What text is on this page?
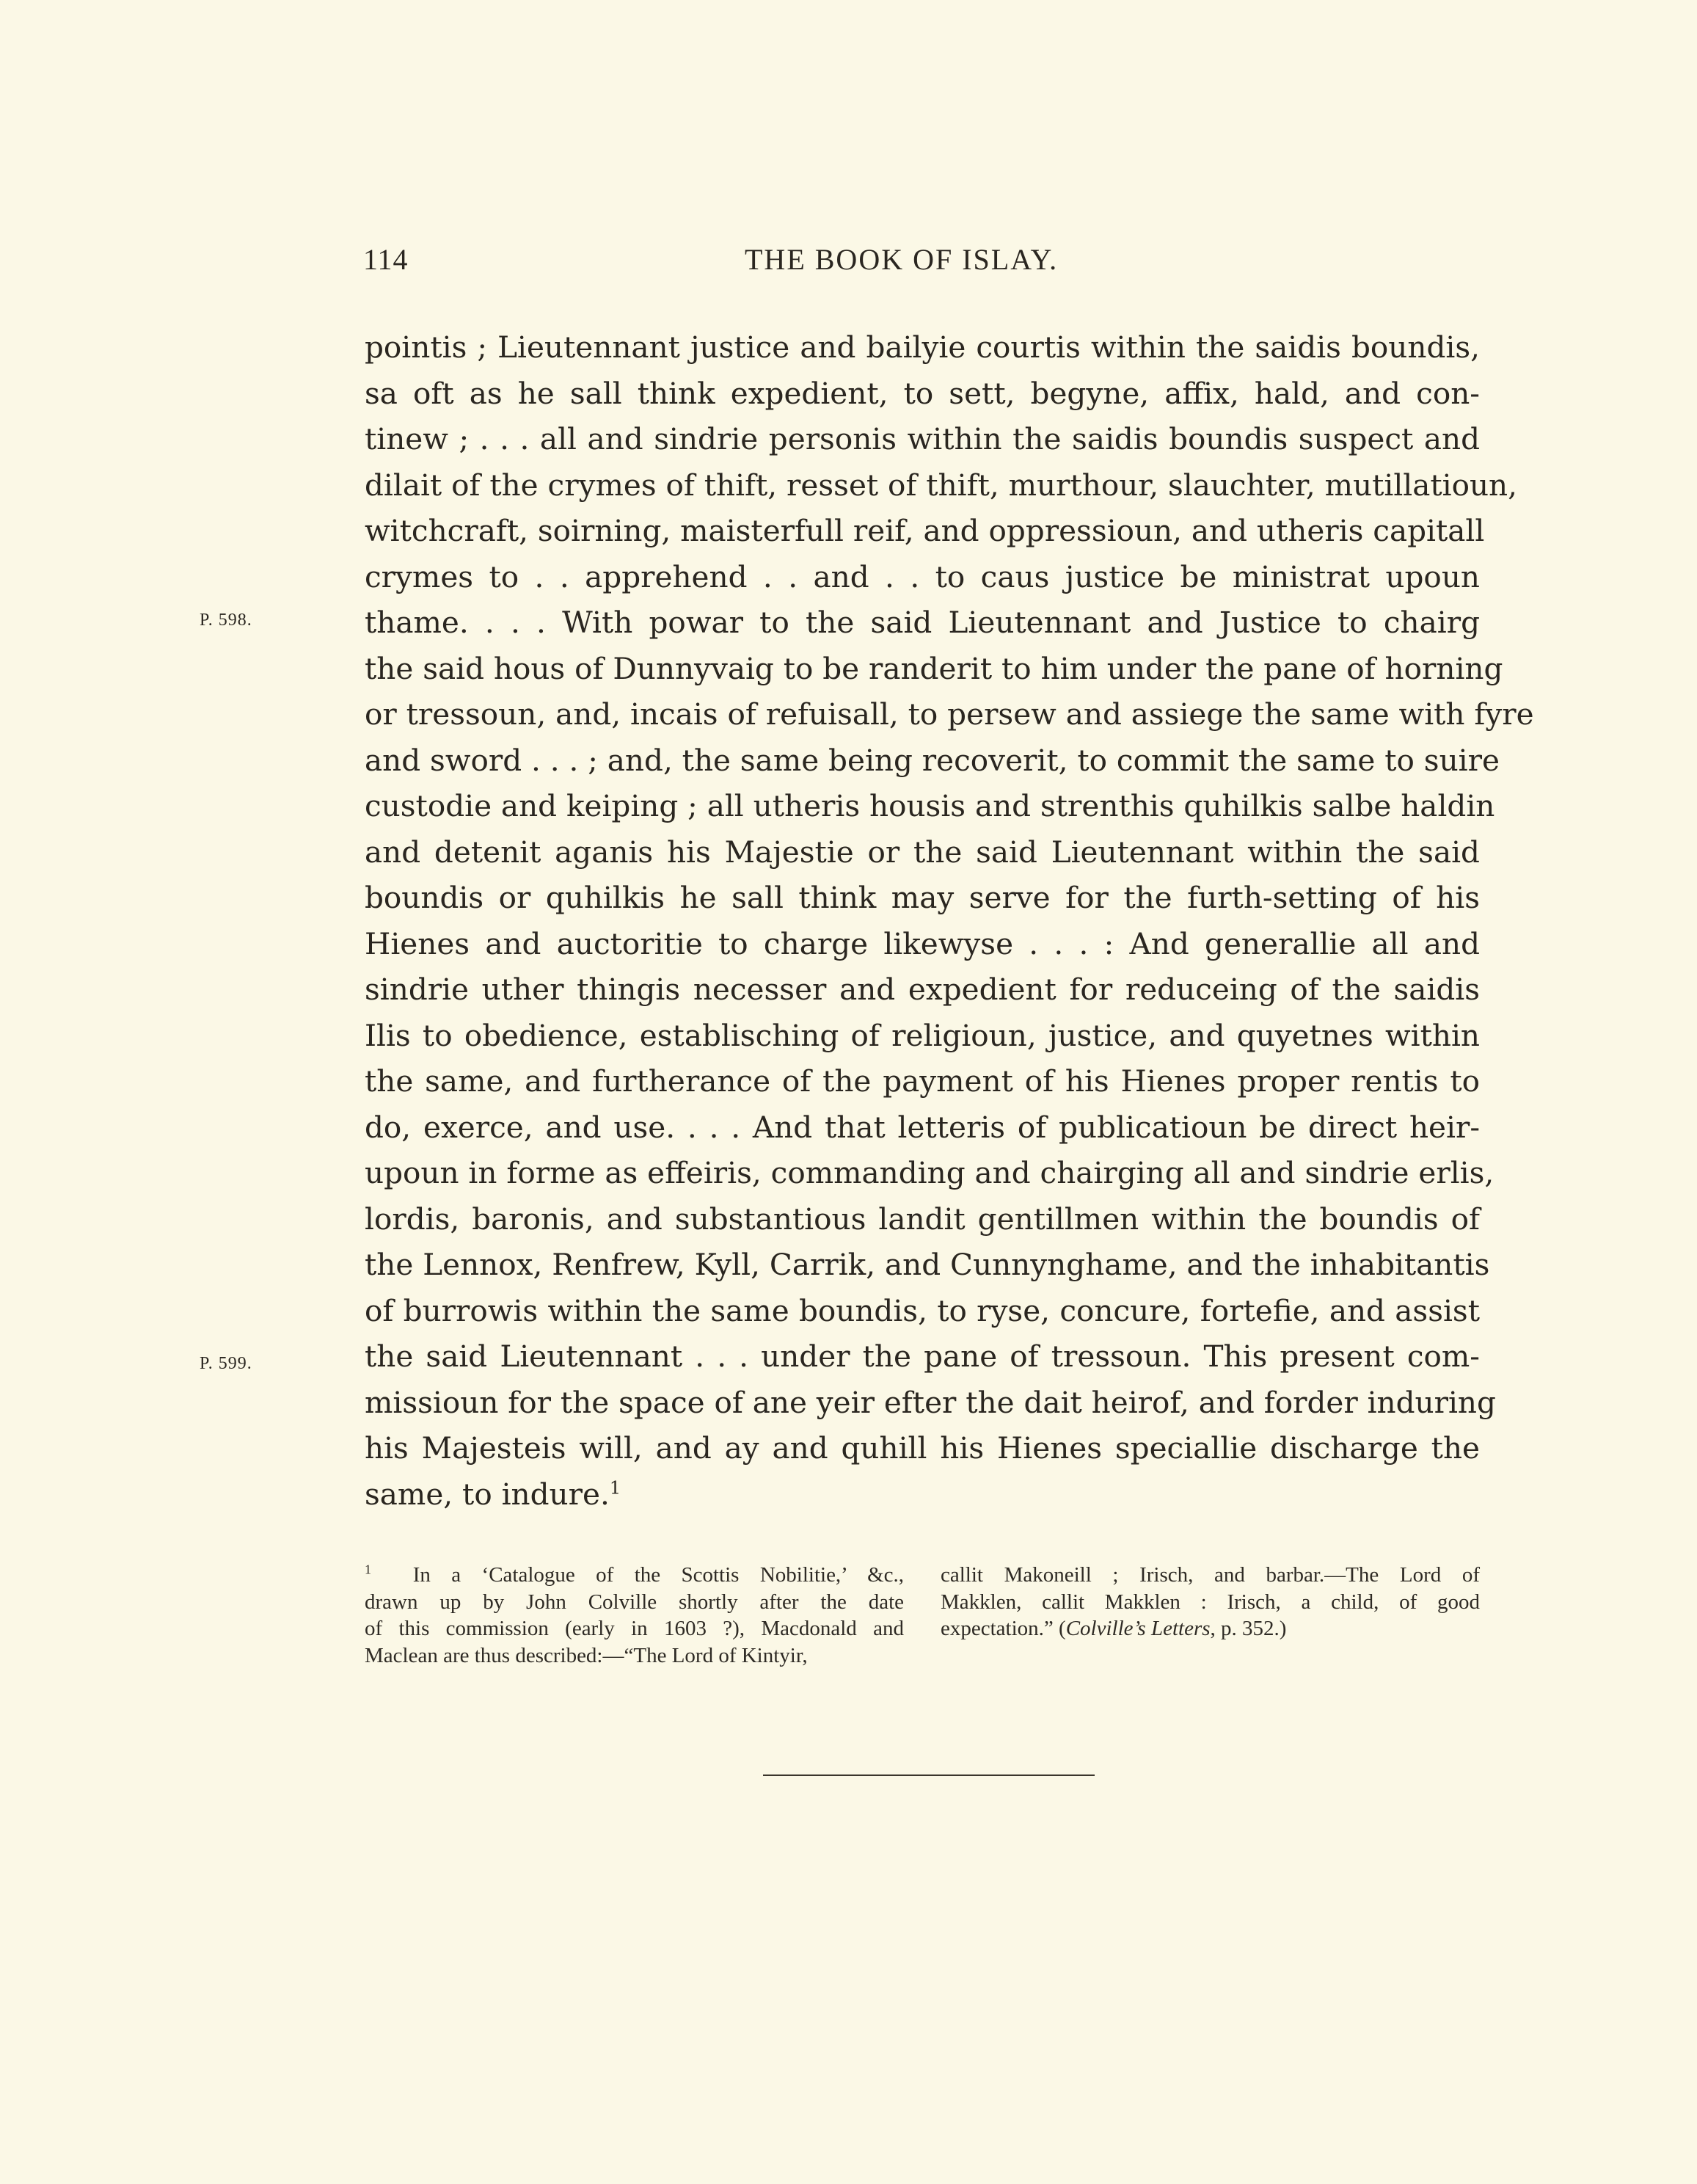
114	THE BOOK OF ISLAY.
P. 598.
P. 599.
pointis ; Lieutennant justice and bailyie courtis within the saidis boundis,
sa oft as he sall think expedient, to sett, begyne, affix, hald, and con-
tinew ; . . . all and sindrie personis within the saidis boundis suspect and
dilait of the crymes of thift, resset of thift, murthour, slauchter, mutillatioun,
witchcraft, soirning, maisterfull reif, and oppressioun, and utheris capitall
crymes to . . apprehend . . and . . to caus justice be ministrat upoun
thame. . . . With powar to the said Lieutennant and Justice to chairg
the said hous of Dunnyvaig to be randerit to him under the pane of horning
or tressoun, and, incais of refuisall, to persew and assiege the same with fyre
and sword . . . ; and, the same being recoverit, to commit the same to suire
custodie and keiping ; all utheris housis and strenthis quhilkis salbe haldin
and detenit aganis his Majestie or the said Lieutennant within the said
boundis or quhilkis he sall think may serve for the furth-setting of his
Hienes and auctoritie to charge likewyse . . . : And generallie all and
sindrie uther thingis necesser and expedient for reduceing of the saidis
Ilis to obedience, establisching of religioun, justice, and quyetnes within
the same, and furtherance of the payment of his Hienes proper rentis to
do, exerce, and use. . . . And that letteris of publicatioun be direct heir-
upoun in forme as effeiris, commanding and chairging all and sindrie erlis,
lordis, baronis, and substantious landit gentillmen within the boundis of
the Lennox, Renfrew, Kyll, Carrik, and Cunnynghame, and the inhabitantis
of burrowis within the same boundis, to ryse, concure, fortefie, and assist
the said Lieutennant . . . under the pane of tressoun. This present com-
missioun for the space of ane yeir efter the dait heirof, and forder induring
his Majesteis will, and ay and quhill his Hienes speciallie discharge the
same, to indure.$^1$
$^1$ In a ‘Catalogue of the Scottis Nobilitie,’ &c.,
drawn up by John Colville shortly after the date
of this commission (early in 1603 ?), Macdonald and
Maclean are thus described:—“The Lord of Kintyir,
callit Makoneill ; Irisch, and barbar.—The Lord of
Makklen, callit Makklen : Irisch, a child, of good
expectation.” (Colville’s Letters, p. 352.)
